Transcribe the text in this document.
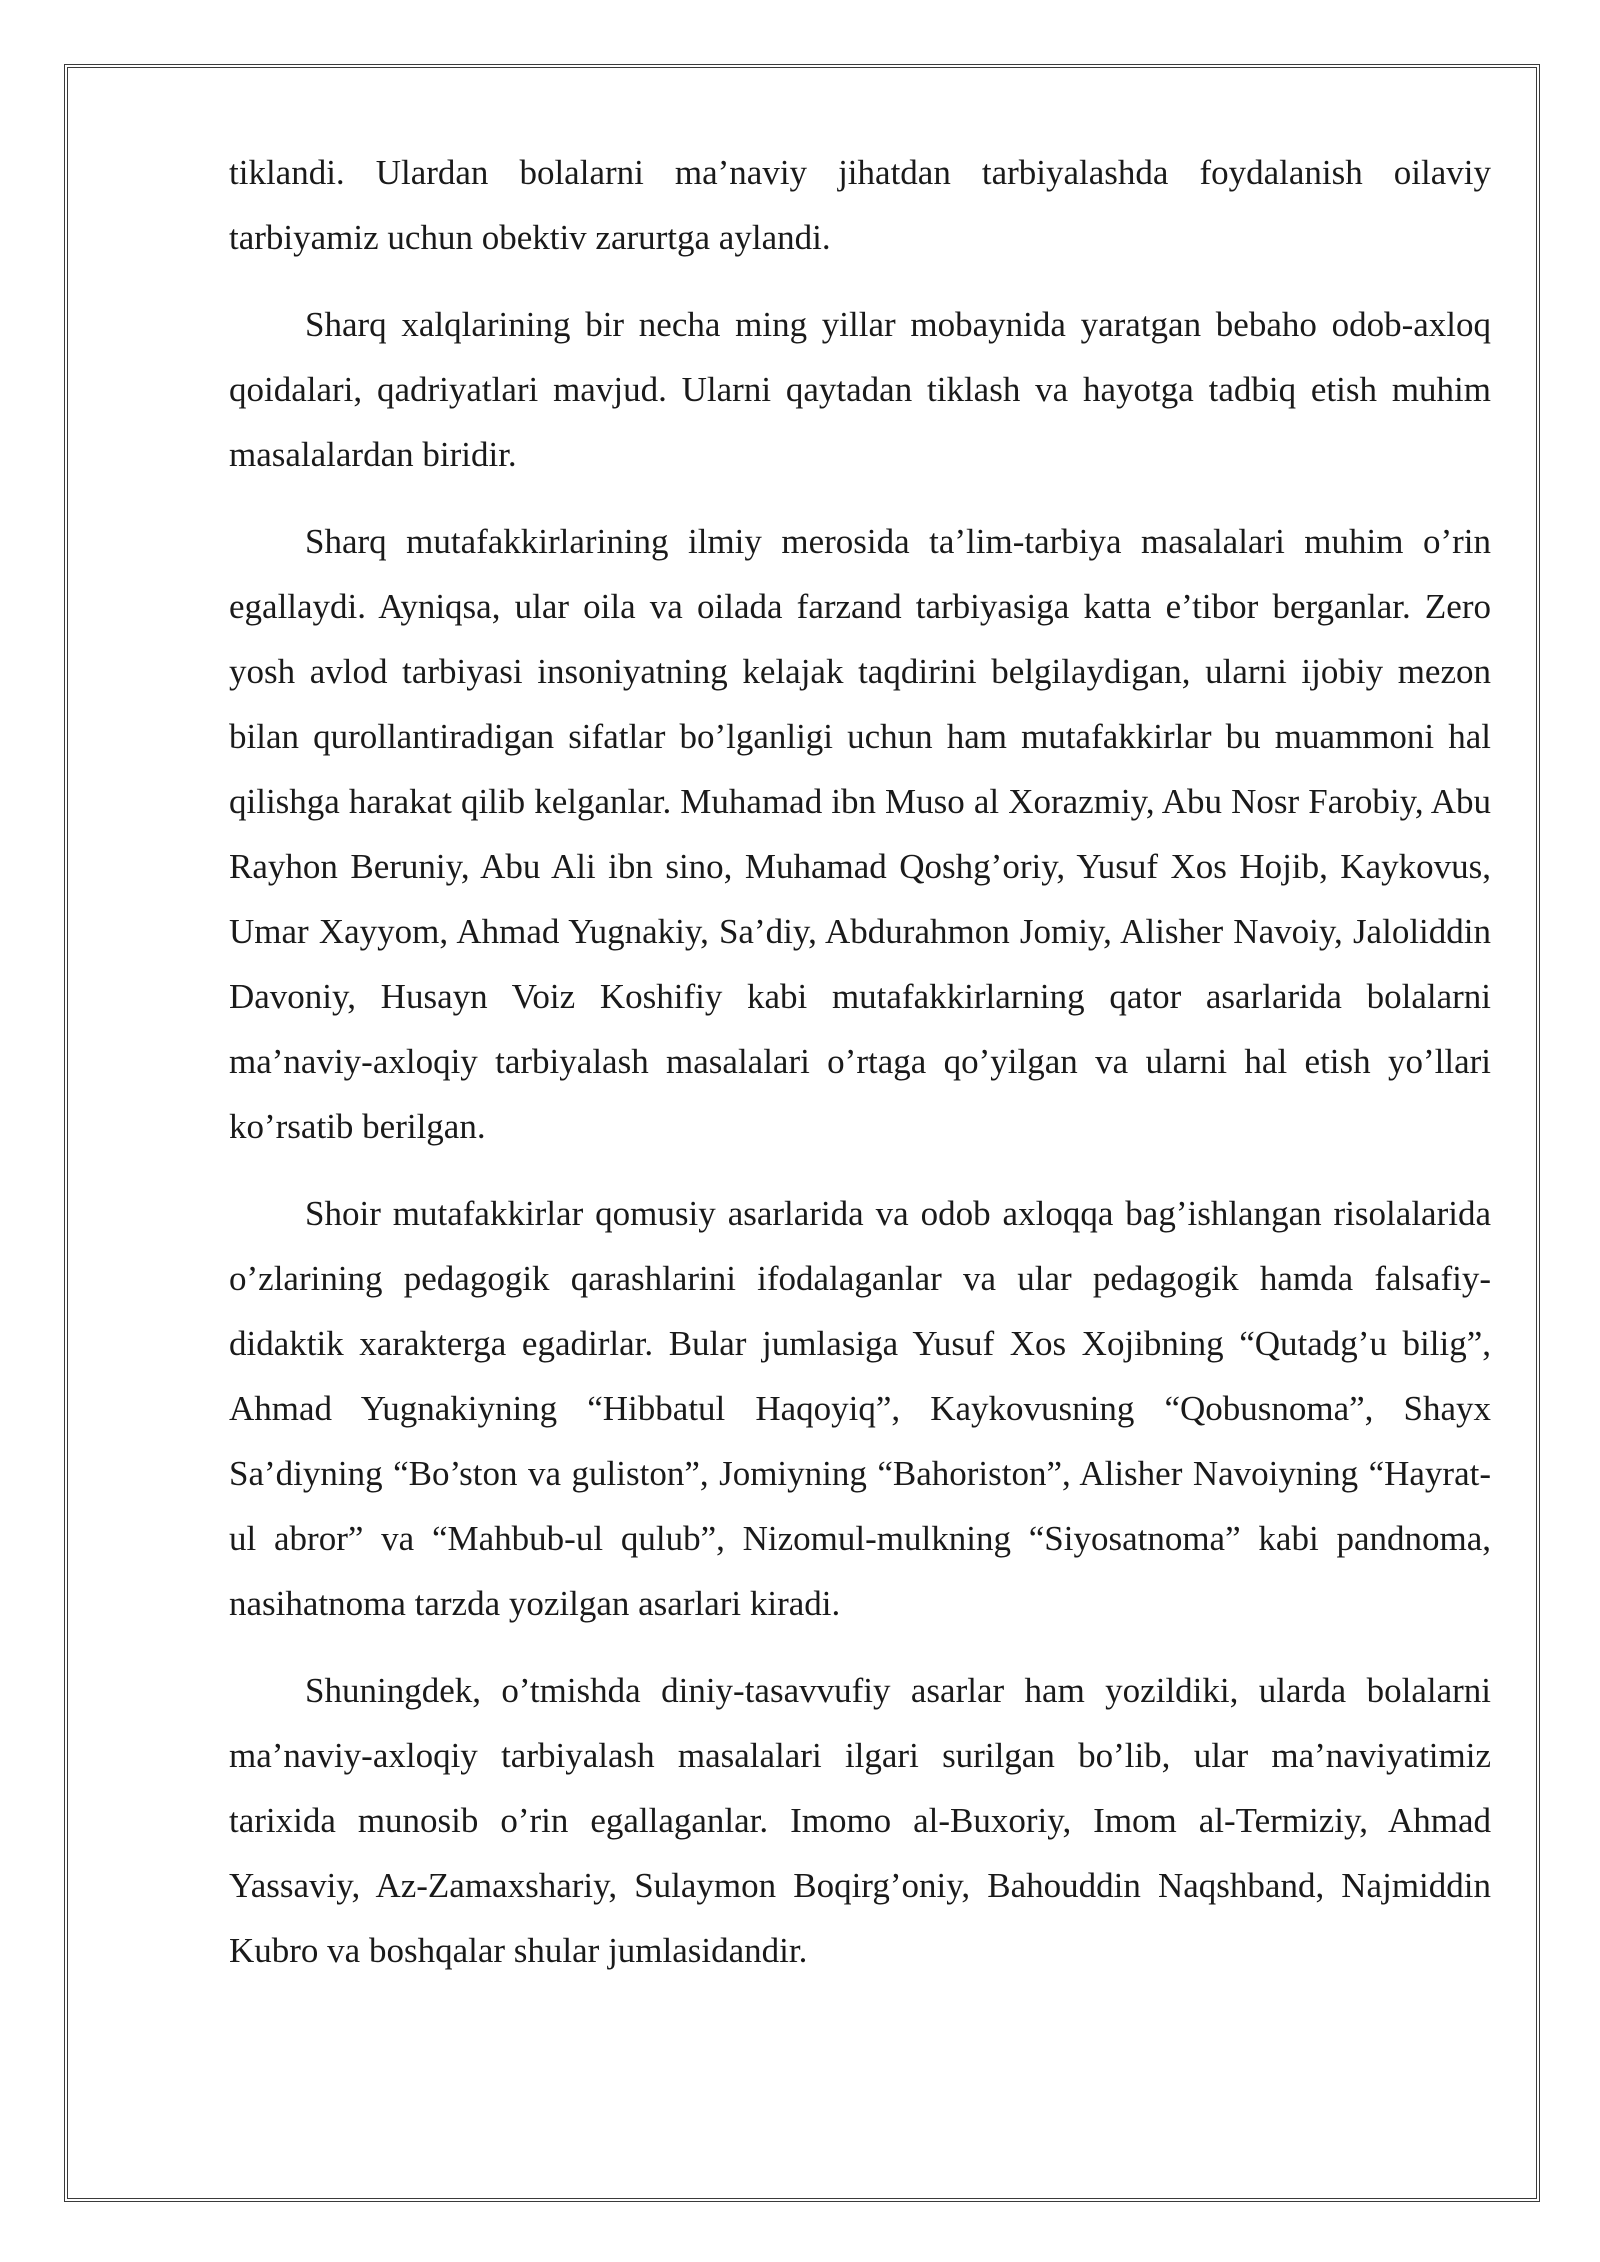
tiklandi. Ulardan bolalarni ma’naviy jihatdan tarbiyalashda foydalanish oilaviy tarbiyamiz uchun obektiv zarurtga aylandi.

Sharq xalqlarining bir necha ming yillar mobaynida yaratgan bebaho odob-axloq qoidalari, qadriyatlari mavjud. Ularni qaytadan tiklash va hayotga tadbiq etish muhim masalalardan biridir.

Sharq mutafakkirlarining ilmiy merosida ta’lim-tarbiya masalalari muhim o’rin egallaydi. Ayniqsa, ular oila va oilada farzand tarbiyasiga katta e’tibor berganlar. Zero yosh avlod tarbiyasi insoniyatning kelajak taqdirini belgilaydigan, ularni ijobiy mezon bilan qurollantiradigan sifatlar bo’lganligi uchun ham mutafakkirlar bu muammoni hal qilishga harakat qilib kelganlar. Muhamad ibn Muso al Xorazmiy, Abu Nosr Farobiy, Abu Rayhon Beruniy, Abu Ali ibn sino, Muhamad Qoshg’oriy, Yusuf Xos Hojib, Kaykovus, Umar Xayyom, Ahmad Yugnakiy, Sa’diy, Abdurahmon Jomiy, Alisher Navoiy, Jaloliddin Davoniy, Husayn Voiz Koshifiy kabi mutafakkirlarning qator asarlarida bolalarni ma’naviy-axloqiy tarbiyalash masalalari o’rtaga qo’yilgan va ularni hal etish yo’llari ko’rsatib berilgan.

Shoir mutafakkirlar qomusiy asarlarida va odob axloqqa bag’ishlangan risolalarida o’zlarining pedagogik qarashlarini ifodalaganlar va ular pedagogik hamda falsafiy-didaktik xarakterga egadirlar. Bular jumlasiga Yusuf Xos Xojibning “Qutadg’u bilig”, Ahmad Yugnakiyning “Hibbatul Haqoyiq”, Kaykovusning “Qobusnoma”, Shayx Sa’diyning “Bo’ston va guliston”, Jomiyning “Bahoriston”, Alisher Navoiyning “Hayrat-ul abror” va “Mahbub-ul qulub”, Nizomul-mulkning “Siyosatnoma” kabi pandnoma, nasihatnoma tarzda yozilgan asarlari kiradi.

Shuningdek, o’tmishda diniy-tasavvufiy asarlar ham yozildiki, ularda bolalarni ma’naviy-axloqiy tarbiyalash masalalari ilgari surilgan bo’lib, ular ma’naviyatimiz tarixida munosib o’rin egallaganlar. Imomo al-Buxoriy, Imom al-Termiziy, Ahmad Yassaviy, Az-Zamaxshariy, Sulaymon Boqirg’oniy, Bahouddin Naqshband, Najmiddin Kubro va boshqalar shular jumlasidandir.
